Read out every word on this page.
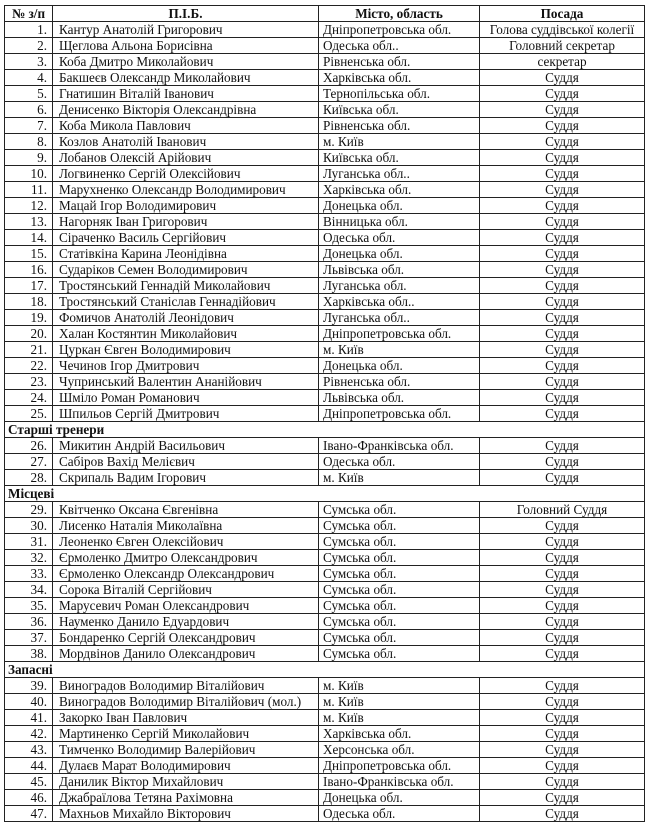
№ з/п	П.І.Б.	Місто, область	Посада
1.	Кантур Анатолій Григорович	Дніпропетровська обл.	Голова суддівської колегії
2.	Щеглова Альона Борисівна	Одеська обл..	Головний секретар
3.	Коба Дмитро Миколайович	Рівненська обл.	секретар
4.	Бакшеєв Олександр Миколайович	Харківська обл.	Суддя
5.	Гнатишин Віталій Іванович	Тернопільська обл.	Суддя
6.	Денисенко Вікторія Олександрівна	Київська обл.	Суддя
7.	Коба Микола Павлович	Рівненська обл.	Суддя
8.	Козлов Анатолій Іванович	м. Київ	Суддя
9.	Лобанов Олексій Арійович	Київська обл.	Суддя
10.	Логвиненко Сергій Олексійович	Луганська обл..	Суддя
11.	Марухненко Олександр Володимирович	Харківська обл.	Суддя
12.	Мацай Ігор Володимирович	Донецька обл.	Суддя
13.	Нагорняк Іван Григорович	Вінницька обл.	Суддя
14.	Сіраченко Василь Сергійович	Одеська обл.	Суддя
15.	Статівкіна Карина Леонідівна	Донецька обл.	Суддя
16.	Сударіков Семен Володимирович	Львівська обл.	Суддя
17.	Тростянський Геннадій Миколайович	Луганська обл.	Суддя
18.	Тростянський Станіслав Геннадійович	Харківська обл..	Суддя
19.	Фомичов Анатолій Леонідович	Луганська обл..	Суддя
20.	Халан Костянтин Миколайович	Дніпропетровська обл.	Суддя
21.	Цуркан Євген Володимирович	м. Київ	Суддя
22.	Чечинов Ігор Дмитрович	Донецька обл.	Суддя
23.	Чупринський Валентин Ананійович	Рівненська обл.	Суддя
24.	Шміло Роман Романович	Львівська обл.	Суддя
25.	Шпильов Сергій Дмитрович	Дніпропетровська обл.	Суддя
Старші тренери			
26.	Микитин Андрій Васильович	Івано-Франківська обл.	Суддя
27.	Сабіров Вахід Мелієвич	Одеська обл.	Суддя
28.	Скрипаль Вадим Ігорович	м. Київ	Суддя
Місцеві			
29.	Квітченко Оксана Євгенівна	Сумська обл.	Головний Суддя
30.	Лисенко Наталія Миколаївна	Сумська обл.	Суддя
31.	Леоненко Євген Олексійович	Сумська обл.	Суддя
32.	Єрмоленко Дмитро Олександрович	Сумська обл.	Суддя
33.	Єрмоленко Олександр Олександрович	Сумська обл.	Суддя
34.	Сорока Віталій Сергійович	Сумська обл.	Суддя
35.	Марусевич Роман Олександрович	Сумська обл.	Суддя
36.	Науменко Данило Едуардович	Сумська обл.	Суддя
37.	Бондаренко Сергій Олександрович	Сумська обл.	Суддя
38.	Мордвінов Данило Олександрович	Сумська обл.	Суддя
Запасні			
39.	Виноградов Володимир Віталійович	м. Київ	Суддя
40.	Виноградов Володимир Віталійович (мол.)	м. Київ	Суддя
41.	Закорко Іван Павлович	м. Київ	Суддя
42.	Мартиненко Сергій Миколайович	Харківська обл.	Суддя
43.	Тимченко Володимир Валерійович	Херсонська обл.	Суддя
44.	Дулаєв Марат Володимирович	Дніпропетровська обл.	Суддя
45.	Данилик Віктор Михайлович	Івано-Франківська обл.	Суддя
46.	Джабраїлова Тетяна Рахімовна	Донецька обл.	Суддя
47.	Махньов Михайло Вікторович	Одеська обл.	Суддя
